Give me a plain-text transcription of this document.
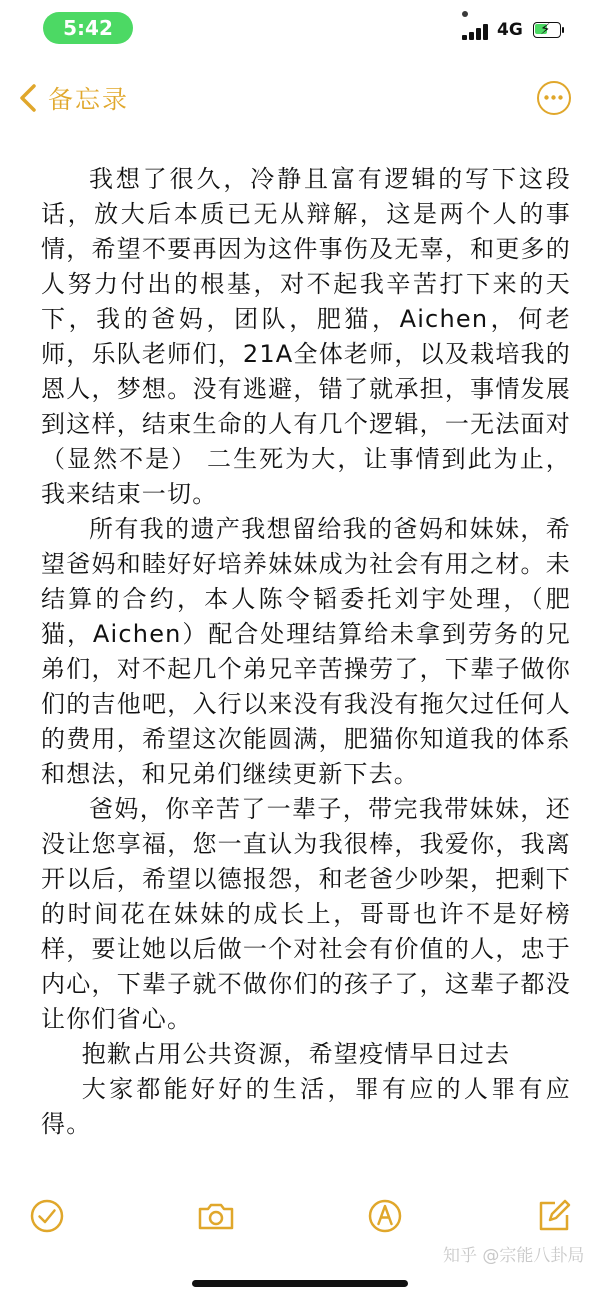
5:42	4G ⚡
备忘录

我想了很久，冷静且富有逻辑的写下这段话，放大后本质已无从辩解，这是两个人的事情，希望不要再因为这件事伤及无辜，和更多的人努力付出的根基，对不起我辛苦打下来的天下，我的爸妈，团队，肥猫，Aichen，何老师，乐队老师们，21A全体老师，以及栽培我的恩人，梦想。没有逃避，错了就承担，事情发展到这样，结束生命的人有几个逻辑，一无法面对（显然不是） 二生死为大，让事情到此为止，我来结束一切。

所有我的遗产我想留给我的爸妈和妹妹，希望爸妈和睦好好培养妹妹成为社会有用之材。未结算的合约，本人陈令韬委托刘宇处理，（肥猫，Aichen）配合处理结算给未拿到劳务的兄弟们，对不起几个弟兄辛苦操劳了，下辈子做你们的吉他吧，入行以来没有我没有拖欠过任何人的费用，希望这次能圆满，肥猫你知道我的体系和想法，和兄弟们继续更新下去。

爸妈，你辛苦了一辈子，带完我带妹妹，还没让您享福，您一直认为我很棒，我爱你，我离开以后，希望以德报怨，和老爸少吵架，把剩下的时间花在妹妹的成长上，哥哥也许不是好榜样，要让她以后做一个对社会有价值的人，忠于内心，下辈子就不做你们的孩子了，这辈子都没让你们省心。

抱歉占用公共资源，希望疫情早日过去

大家都能好好的生活，罪有应的人罪有应得。

知乎 @宗能八卦局
